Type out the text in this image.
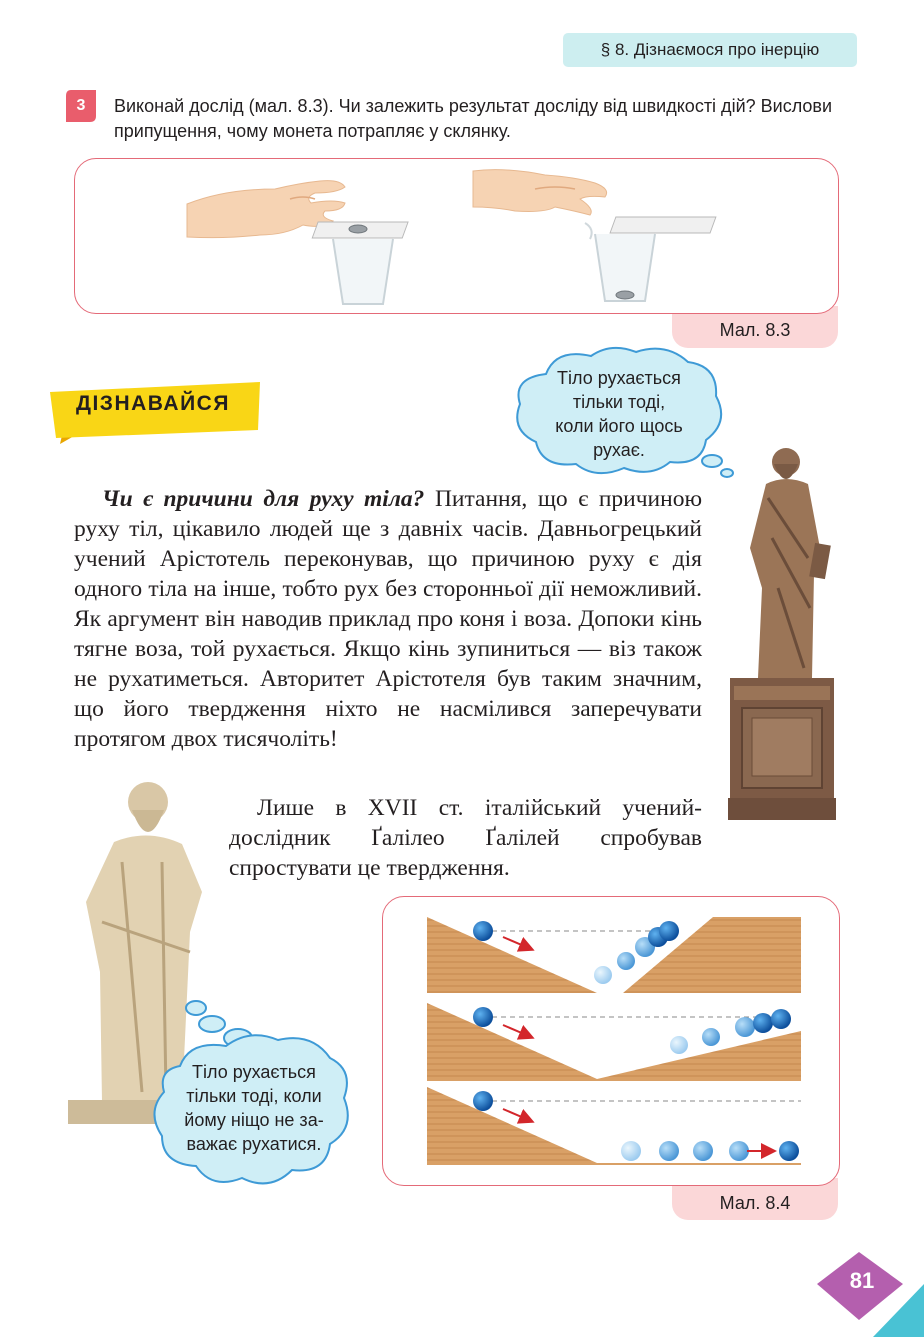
§ 8. Дізнаємося про інерцію
3	Виконай дослід (мал. 8.3). Чи залежить результат досліду від швидкості дій? Вислови припущення, чому монета потрапляє у склянку.
Мал. 8.3
ДІЗНАВАЙСЯ
Тіло рухається
тільки тоді,
коли його щось
рухає.
Чи є причини для руху тіла? Питання, що є причиною руху тіл, цікавило людей ще з давніх часів. Давньогрецький учений Арістотель переконував, що причиною руху є дія одного тіла на інше, тобто рух без сторонньої дії неможливий. Як аргумент він наводив приклад про коня і воза. Допоки кінь тягне воза, той рухається. Якщо кінь зупиниться — віз також не рухатиметься. Авторитет Арістотеля був таким значним, що його твердження ніхто не насмілився заперечувати протягом двох тисячоліть!
Лише в XVII ст. італійський учений-дослідник Ґалілео Ґалілей спробував спростувати це твердження.
Тіло рухається
тільки тоді, коли
йому ніщо не за-
важає рухатися.
Мал. 8.4
81
